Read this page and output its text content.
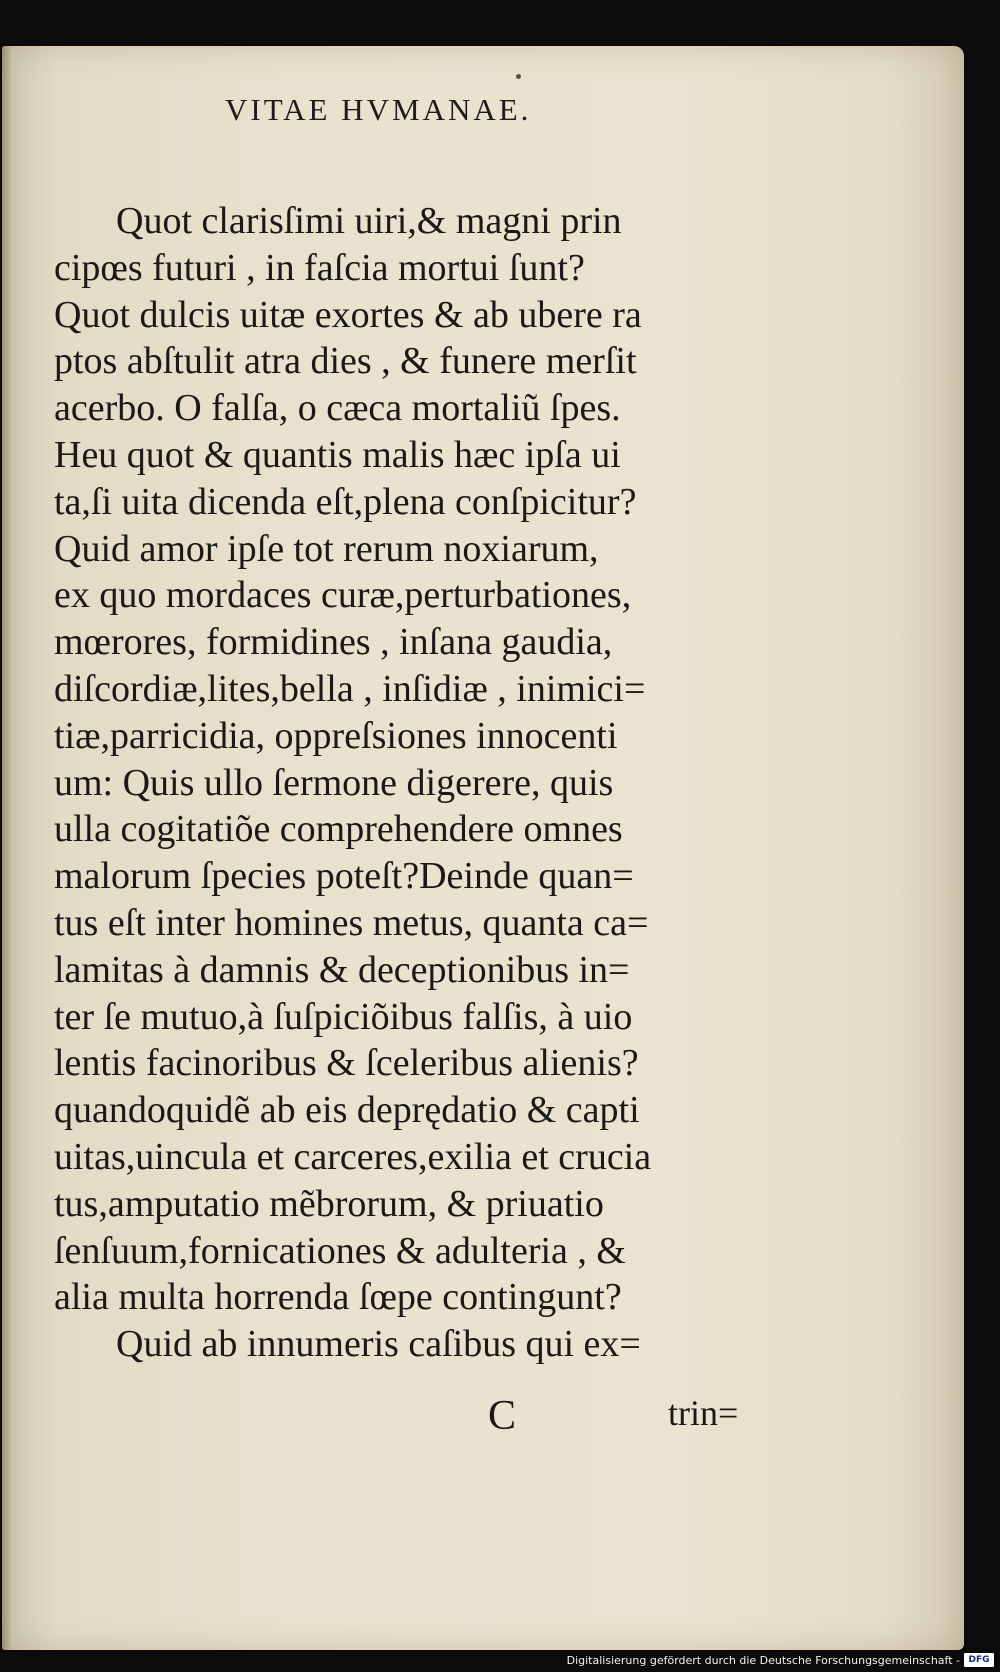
VITAE HVMANAE.
Quot clarisſimi uiri,& magni prin
cipœs futuri , in faſcia mortui ſunt?
Quot dulcis uitæ exortes & ab ubere ra
ptos abſtulit atra dies , & funere merſit
acerbo. O falſa, o cæca mortaliũ ſpes.
Heu quot & quantis malis hæc ipſa ui
ta,ſi uita dicenda eſt,plena conſpicitur?
Quid amor ipſe tot rerum noxiarum,
ex quo mordaces curæ,perturbationes,
mœrores, formidines , inſana gaudia,
diſcordiæ,lites,bella , inſidiæ , inimici=
tiæ,parricidia, oppreſsiones innocenti
um: Quis ullo ſermone digerere, quis
ulla cogitatiõe comprehendere omnes
malorum ſpecies poteſt?Deinde quan=
tus eſt inter homines metus, quanta ca=
lamitas à damnis & deceptionibus in=
ter ſe mutuo,à ſuſpiciõibus falſis, à uio
lentis facinoribus & ſceleribus alienis?
quandoquidẽ ab eis deprędatio & capti
uitas,uincula et carceres,exilia et crucia
tus,amputatio mẽbrorum, & priuatio
ſenſuum,fornicationes & adulteria , &
alia multa horrenda ſœpe contingunt?
Quid ab innumeris caſibus qui ex=
C	trin=
Digitalisierung gefördert durch die Deutsche Forschungsgemeinschaft - DFG
